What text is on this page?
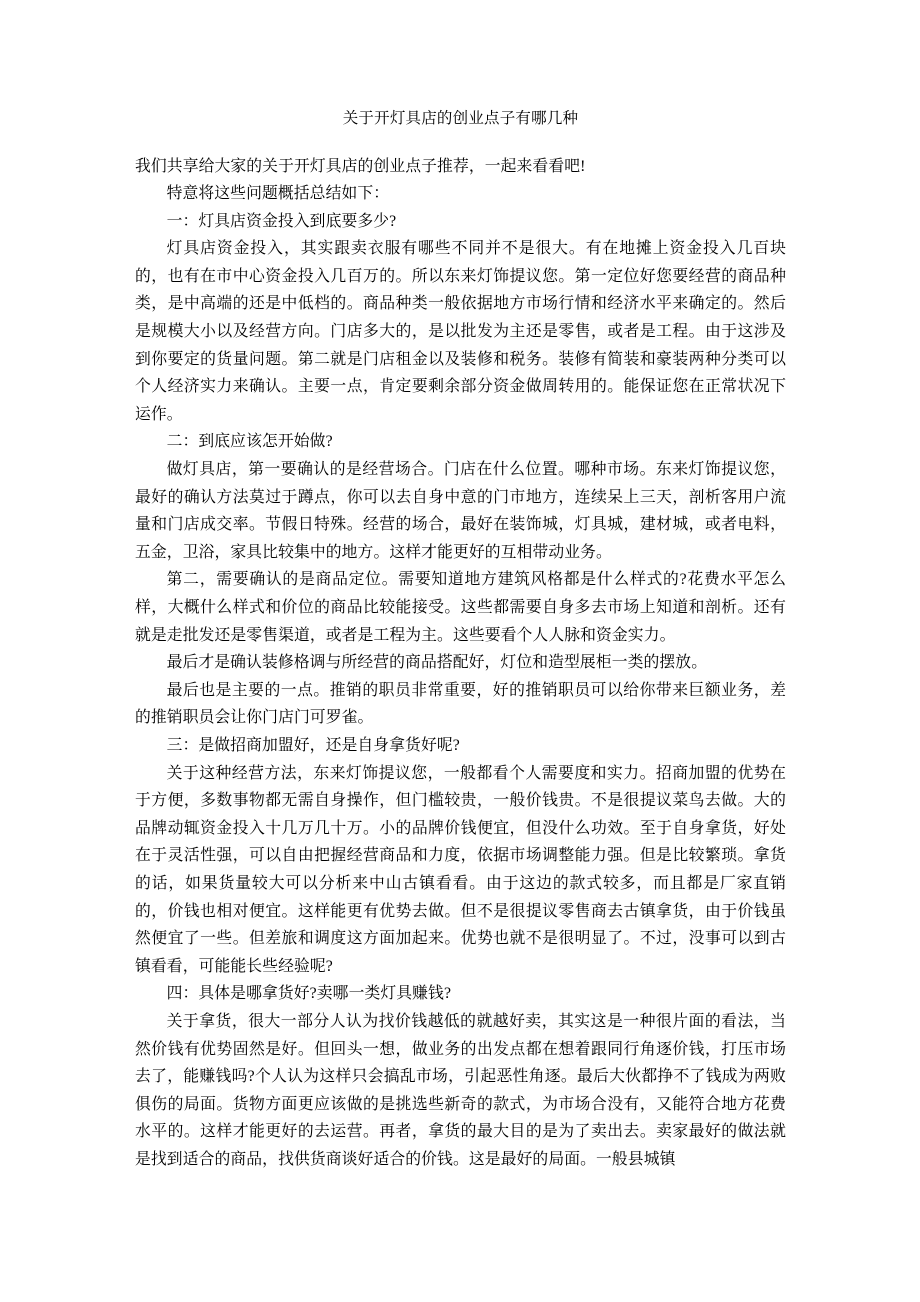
关于开灯具店的创业点子有哪几种

我们共享给大家的关于开灯具店的创业点子推荐，一起来看看吧!

特意将这些问题概括总结如下：

一：灯具店资金投入到底要多少?

灯具店资金投入，其实跟卖衣服有哪些不同并不是很大。有在地摊上资金投入几百块的，也有在市中心资金投入几百万的。所以东来灯饰提议您。第一定位好您要经营的商品种类，是中高端的还是中低档的。商品种类一般依据地方市场行情和经济水平来确定的。然后是规模大小以及经营方向。门店多大的，是以批发为主还是零售，或者是工程。由于这涉及到你要定的货量问题。第二就是门店租金以及装修和税务。装修有简装和豪装两种分类可以个人经济实力来确认。主要一点，肯定要剩余部分资金做周转用的。能保证您在正常状况下运作。

二：到底应该怎开始做?

做灯具店，第一要确认的是经营场合。门店在什么位置。哪种市场。东来灯饰提议您，最好的确认方法莫过于蹲点，你可以去自身中意的门市地方，连续呆上三天，剖析客用户流量和门店成交率。节假日特殊。经营的场合，最好在装饰城，灯具城，建材城，或者电料，五金，卫浴，家具比较集中的地方。这样才能更好的互相带动业务。

第二，需要确认的是商品定位。需要知道地方建筑风格都是什么样式的?花费水平怎么样，大概什么样式和价位的商品比较能接受。这些都需要自身多去市场上知道和剖析。还有就是走批发还是零售渠道，或者是工程为主。这些要看个人人脉和资金实力。

最后才是确认装修格调与所经营的商品搭配好，灯位和造型展柜一类的摆放。

最后也是主要的一点。推销的职员非常重要，好的推销职员可以给你带来巨额业务，差的推销职员会让你门店门可罗雀。

三：是做招商加盟好，还是自身拿货好呢?

关于这种经营方法，东来灯饰提议您，一般都看个人需要度和实力。招商加盟的优势在于方便，多数事物都无需自身操作，但门槛较贵，一般价钱贵。不是很提议菜鸟去做。大的品牌动辄资金投入十几万几十万。小的品牌价钱便宜，但没什么功效。至于自身拿货，好处在于灵活性强，可以自由把握经营商品和力度，依据市场调整能力强。但是比较繁琐。拿货的话，如果货量较大可以分析来中山古镇看看。由于这边的款式较多，而且都是厂家直销的，价钱也相对便宜。这样能更有优势去做。但不是很提议零售商去古镇拿货，由于价钱虽然便宜了一些。但差旅和调度这方面加起来。优势也就不是很明显了。不过，没事可以到古镇看看，可能能长些经验呢?

四：具体是哪拿货好?卖哪一类灯具赚钱?

关于拿货，很大一部分人认为找价钱越低的就越好卖，其实这是一种很片面的看法，当然价钱有优势固然是好。但回头一想，做业务的出发点都在想着跟同行角逐价钱，打压市场去了，能赚钱吗?个人认为这样只会搞乱市场，引起恶性角逐。最后大伙都挣不了钱成为两败俱伤的局面。货物方面更应该做的是挑选些新奇的款式，为市场合没有，又能符合地方花费水平的。这样才能更好的去运营。再者，拿货的最大目的是为了卖出去。卖家最好的做法就是找到适合的商品，找供货商谈好适合的价钱。这是最好的局面。一般县城镇
